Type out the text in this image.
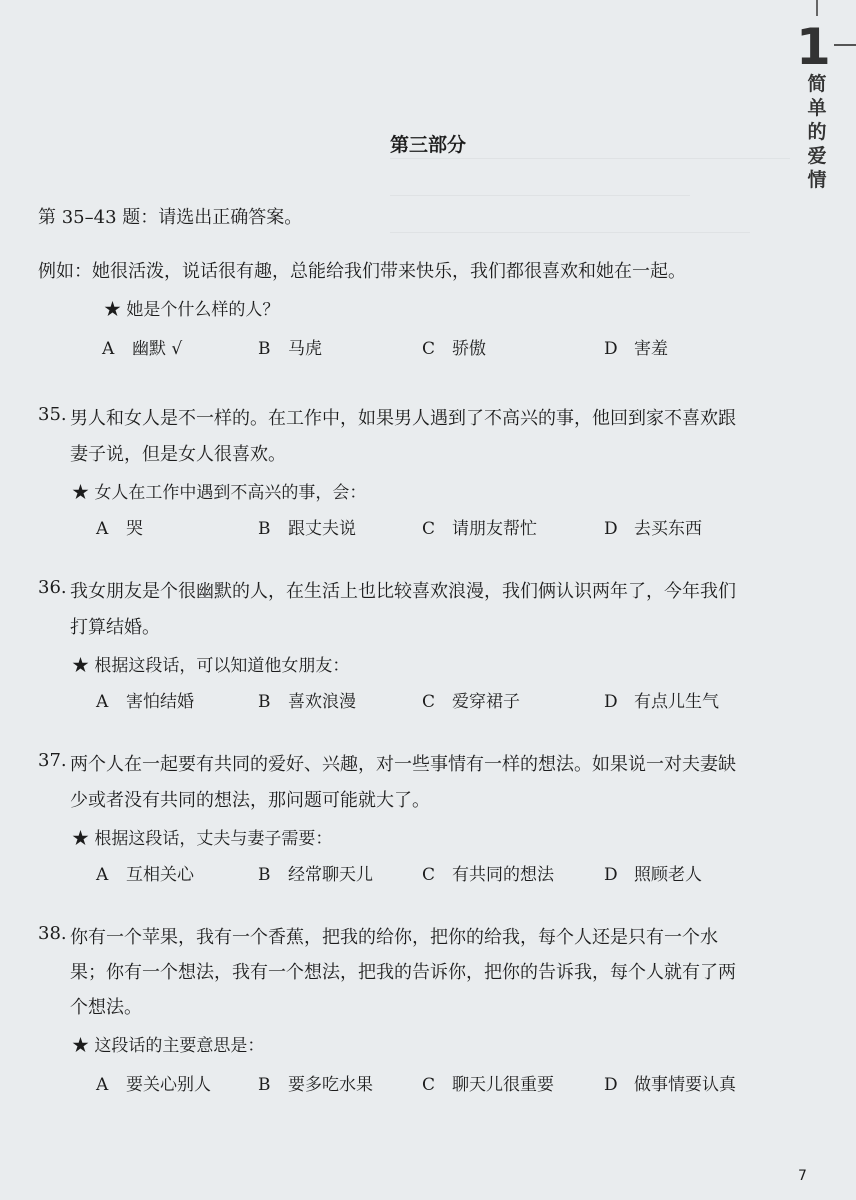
1
简单的爱情
第三部分
第 35–43 题：请选出正确答案。
例如： 她很活泼，说话很有趣，总能给我们带来快乐，我们都很喜欢和她在一起。
★ 她是个什么样的人？
A 幽默 √	B 马虎	C 骄傲	D 害羞
35. 男人和女人是不一样的。在工作中，如果男人遇到了不高兴的事，他回到家不喜欢跟
妻子说，但是女人很喜欢。
★ 女人在工作中遇到不高兴的事，会：
A 哭	B 跟丈夫说	C 请朋友帮忙	D 去买东西
36. 我女朋友是个很幽默的人，在生活上也比较喜欢浪漫，我们俩认识两年了，今年我们
打算结婚。
★ 根据这段话，可以知道他女朋友：
A 害怕结婚	B 喜欢浪漫	C 爱穿裙子	D 有点儿生气
37. 两个人在一起要有共同的爱好、兴趣，对一些事情有一样的想法。如果说一对夫妻缺
少或者没有共同的想法，那问题可能就大了。
★ 根据这段话，丈夫与妻子需要：
A 互相关心	B 经常聊天儿	C 有共同的想法	D 照顾老人
38. 你有一个苹果，我有一个香蕉，把我的给你，把你的给我，每个人还是只有一个水
果；你有一个想法，我有一个想法，把我的告诉你，把你的告诉我，每个人就有了两
个想法。
★ 这段话的主要意思是：
A 要关心别人	B 要多吃水果	C 聊天儿很重要	D 做事情要认真
7
